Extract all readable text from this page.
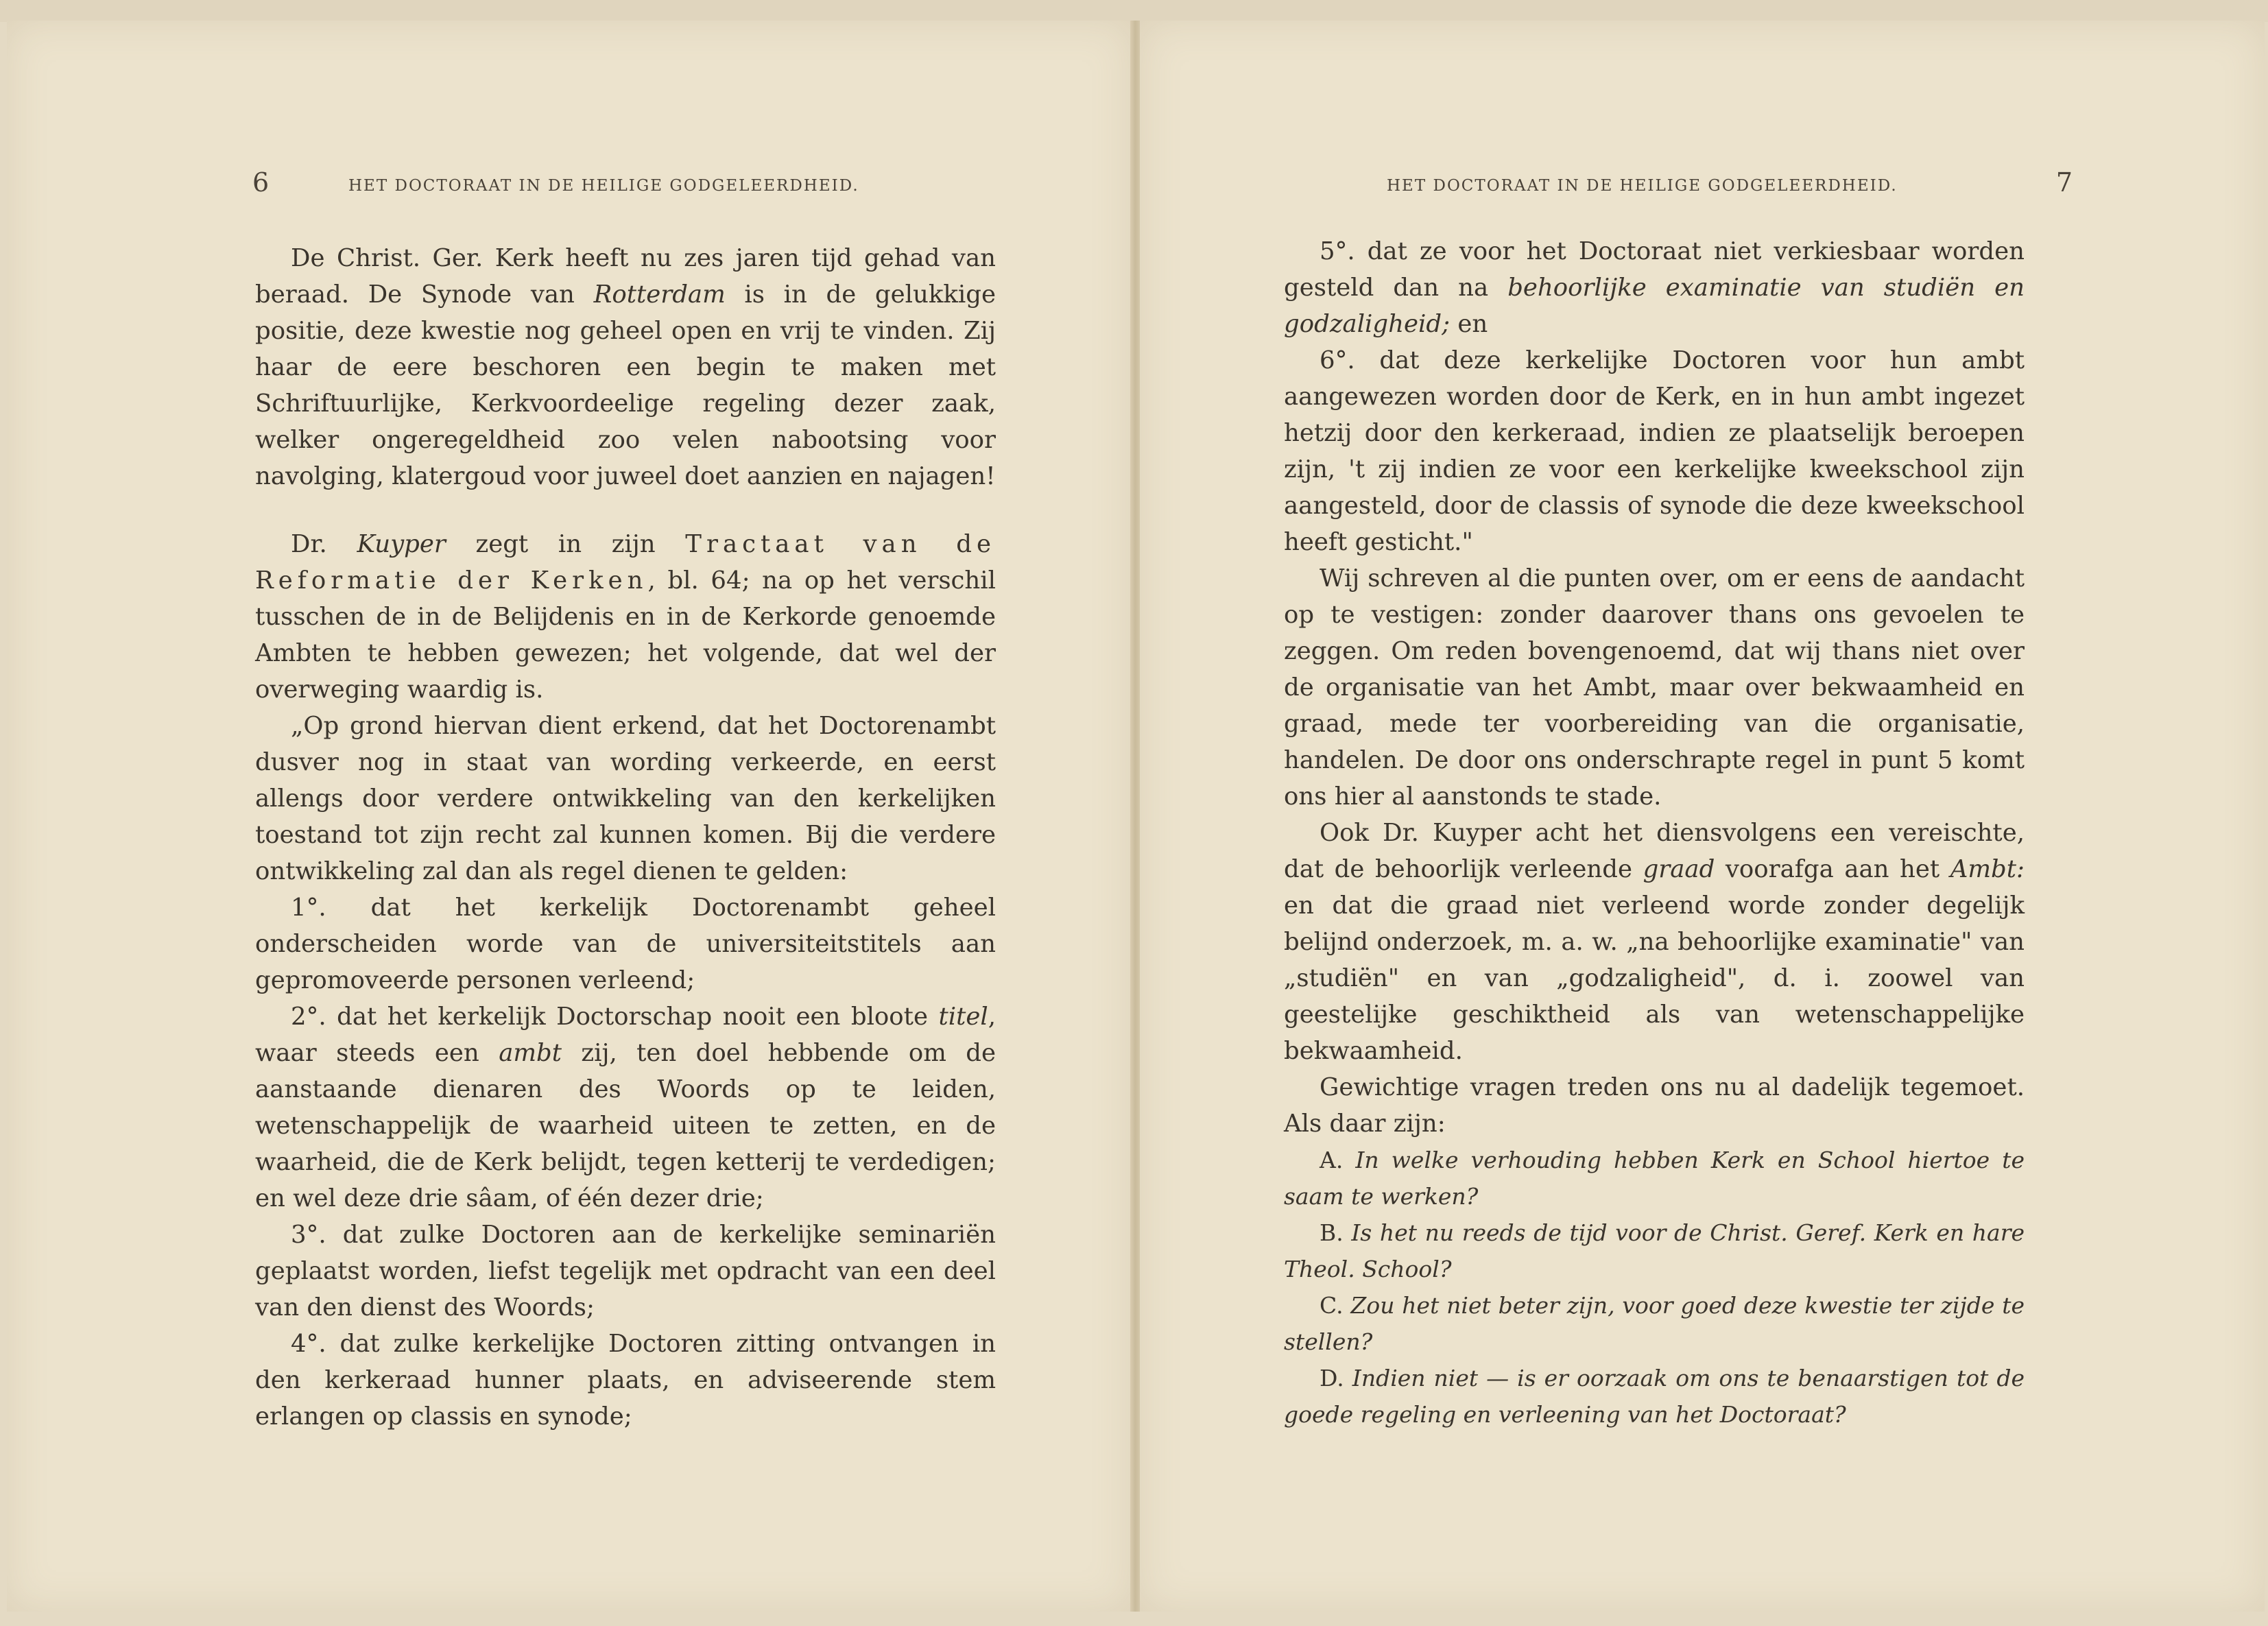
6	HET DOCTORAAT IN DE HEILIGE GODGELEERDHEID.

De Christ. Ger. Kerk heeft nu zes jaren tijd gehad van beraad. De Synode van Rotterdam is in de gelukkige positie, deze kwestie nog geheel open en vrij te vinden. Zij haar de eere beschoren een begin te maken met Schriftuurlijke, Kerkvoordeelige regeling dezer zaak, welker ongeregeldheid zoo velen nabootsing voor navolging, klatergoud voor juweel doet aanzien en najagen!

Dr. Kuyper zegt in zijn Tractaat van de Reformatie der Kerken, bl. 64; na op het verschil tusschen de in de Belijdenis en in de Kerkorde genoemde Ambten te hebben gewezen; het volgende, dat wel der overweging waardig is.

„Op grond hiervan dient erkend, dat het Doctorenambt dusver nog in staat van wording verkeerde, en eerst allengs door verdere ontwikkeling van den kerkelijken toestand tot zijn recht zal kunnen komen. Bij die verdere ontwikkeling zal dan als regel dienen te gelden:

1°. dat het kerkelijk Doctorenambt geheel onderscheiden worde van de universiteitstitels aan gepromoveerde personen verleend;

2°. dat het kerkelijk Doctorschap nooit een bloote titel, waar steeds een ambt zij, ten doel hebbende om de aanstaande dienaren des Woords op te leiden, wetenschappelijk de waarheid uiteen te zetten, en de waarheid, die de Kerk belijdt, tegen ketterij te verdedigen; en wel deze drie sâam, of één dezer drie;

3°. dat zulke Doctoren aan de kerkelijke seminariën geplaatst worden, liefst tegelijk met opdracht van een deel van den dienst des Woords;

4°. dat zulke kerkelijke Doctoren zitting ontvangen in den kerkeraad hunner plaats, en adviseerende stem erlangen op classis en synode;

HET DOCTORAAT IN DE HEILIGE GODGELEERDHEID.	7

5°. dat ze voor het Doctoraat niet verkiesbaar worden gesteld dan na behoorlijke examinatie van studiën en godzaligheid; en

6°. dat deze kerkelijke Doctoren voor hun ambt aangewezen worden door de Kerk, en in hun ambt ingezet hetzij door den kerkeraad, indien ze plaatselijk beroepen zijn, 't zij indien ze voor een kerkelijke kweekschool zijn aangesteld, door de classis of synode die deze kweekschool heeft gesticht."

Wij schreven al die punten over, om er eens de aandacht op te vestigen: zonder daarover thans ons gevoelen te zeggen. Om reden bovengenoemd, dat wij thans niet over de organisatie van het Ambt, maar over bekwaamheid en graad, mede ter voorbereiding van die organisatie, handelen. De door ons onderschrapte regel in punt 5 komt ons hier al aanstonds te stade.

Ook Dr. Kuyper acht het diensvolgens een vereischte, dat de behoorlijk verleende graad voorafga aan het Ambt: en dat die graad niet verleend worde zonder degelijk belijnd onderzoek, m. a. w. „na behoorlijke examinatie" van „studiën" en van „godzaligheid", d. i. zoowel van geestelijke geschiktheid als van wetenschappelijke bekwaamheid.

Gewichtige vragen treden ons nu al dadelijk tegemoet. Als daar zijn:

A. In welke verhouding hebben Kerk en School hiertoe te saam te werken?

B. Is het nu reeds de tijd voor de Christ. Geref. Kerk en hare Theol. School?

C. Zou het niet beter zijn, voor goed deze kwestie ter zijde te stellen?

D. Indien niet — is er oorzaak om ons te benaarstigen tot de goede regeling en verleening van het Doctoraat?
